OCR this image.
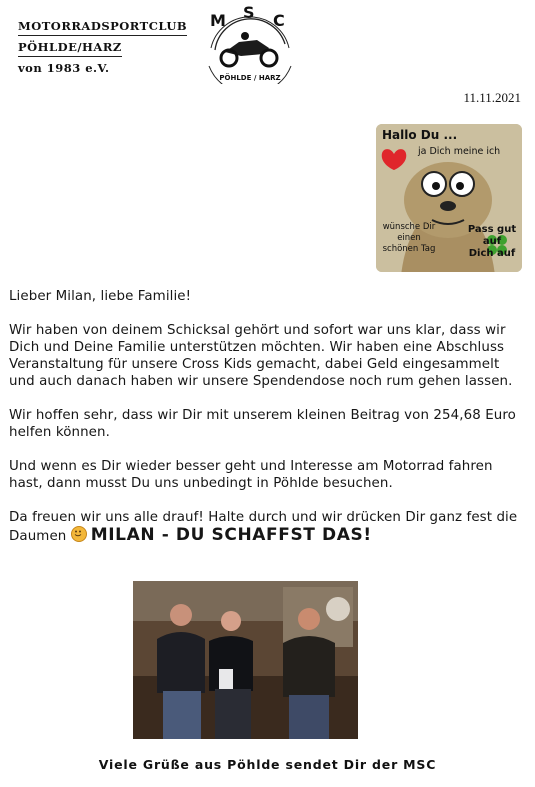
MOTORRADSPORTCLUB
PÖHLDE/HARZ
von 1983 e.V.
M S C
PÖHLDE / HARZ
11.11.2021
Hallo Du ...
ja Dich meine ich
wünsche Dir
einen
schönen Tag
Pass gut
auf
Dich auf

Lieber Milan, liebe Familie!

Wir haben von deinem Schicksal gehört und sofort war uns klar, dass wir Dich und Deine Familie unterstützen möchten. Wir haben eine Abschluss Veranstaltung für unsere Cross Kids gemacht, dabei Geld eingesammelt und auch danach haben wir unsere Spendendose noch rum gehen lassen.

Wir hoffen sehr, dass wir Dir mit unserem kleinen Beitrag von 254,68 Euro helfen können.

Und wenn es Dir wieder besser geht und Interesse am Motorrad fahren hast, dann musst Du uns unbedingt in Pöhlde besuchen.

Da freuen wir uns alle drauf! Halte durch und wir drücken Dir ganz fest die Daumen MILAN - DU SCHAFFST DAS!

Viele Grüße aus Pöhlde sendet Dir der MSC
